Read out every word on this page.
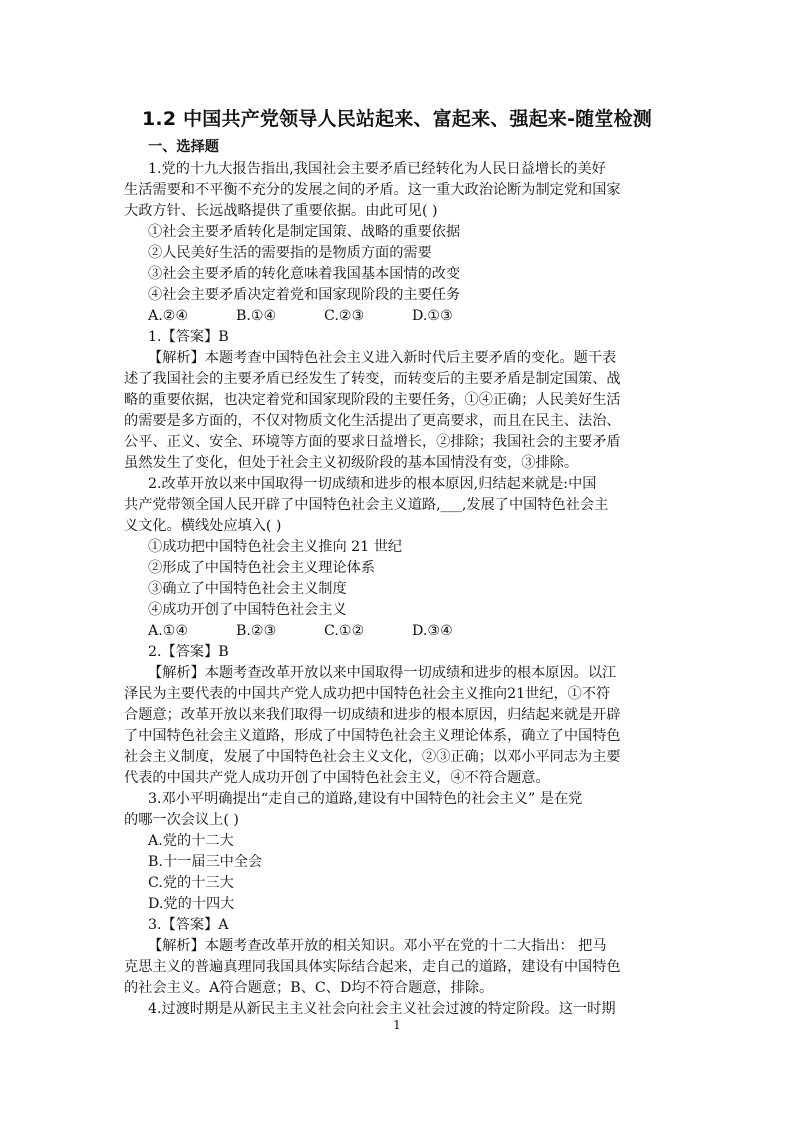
1.2 中国共产党领导人民站起来、富起来、强起来-随堂检测
一、选择题
1.党的十九大报告指出,我国社会主要矛盾已经转化为人民日益增长的美好
生活需要和不平衡不充分的发展之间的矛盾。这一重大政治论断为制定党和国家
大政方针、长远战略提供了重要依据。由此可见( )
①社会主要矛盾转化是制定国策、战略的重要依据
②人民美好生活的需要指的是物质方面的需要
③社会主要矛盾的转化意味着我国基本国情的改变
④社会主要矛盾决定着党和国家现阶段的主要任务
A.②④	B.①④	C.②③	D.①③
1.【答案】B
【解析】本题考查中国特色社会主义进入新时代后主要矛盾的变化。题干表
述了我国社会的主要矛盾已经发生了转变，而转变后的主要矛盾是制定国策、战
略的重要依据，也决定着党和国家现阶段的主要任务，①④正确；人民美好生活
的需要是多方面的，不仅对物质文化生活提出了更高要求，而且在民主、法治、
公平、正义、安全、环境等方面的要求日益增长，②排除；我国社会的主要矛盾
虽然发生了变化，但处于社会主义初级阶段的基本国情没有变，③排除。
2.改革开放以来中国取得一切成绩和进步的根本原因,归结起来就是:中国
共产党带领全国人民开辟了中国特色社会主义道路,___,发展了中国特色社会主
义文化。横线处应填入( )
①成功把中国特色社会主义推向 21 世纪
②形成了中国特色社会主义理论体系
③确立了中国特色社会主义制度
④成功开创了中国特色社会主义
A.①④	B.②③	C.①②	D.③④
2.【答案】B
【解析】本题考查改革开放以来中国取得一切成绩和进步的根本原因。以江
泽民为主要代表的中国共产党人成功把中国特色社会主义推向21世纪，①不符
合题意；改革开放以来我们取得一切成绩和进步的根本原因，归结起来就是开辟
了中国特色社会主义道路，形成了中国特色社会主义理论体系，确立了中国特色
社会主义制度，发展了中国特色社会主义文化，②③正确；以邓小平同志为主要
代表的中国共产党人成功开创了中国特色社会主义，④不符合题意。
3.邓小平明确提出“走自己的道路,建设有中国特色的社会主义” 是在党
的哪一次会议上( )
A.党的十二大
B.十一届三中全会
C.党的十三大
D.党的十四大
3.【答案】A
【解析】本题考查改革开放的相关知识。邓小平在党的十二大指出： 把马
克思主义的普遍真理同我国具体实际结合起来，走自己的道路，建设有中国特色
的社会主义。A符合题意；B、C、D均不符合题意，排除。
4.过渡时期是从新民主主义社会向社会主义社会过渡的特定阶段。这一时期
1
